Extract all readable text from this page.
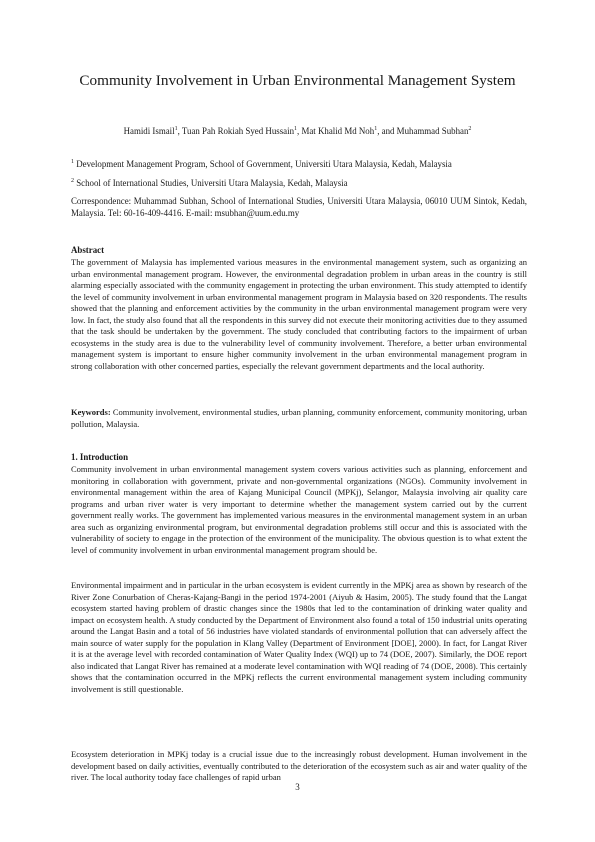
Community Involvement in Urban Environmental Management System
Hamidi Ismail$^1$, Tuan Pah Rokiah Syed Hussain$^1$, Mat Khalid Md Noh$^1$, and Muhammad Subhan$^2$
$^1$ Development Management Program, School of Government, Universiti Utara Malaysia, Kedah, Malaysia
$^2$ School of International Studies, Universiti Utara Malaysia, Kedah, Malaysia
Correspondence: Muhammad Subhan, School of International Studies, Universiti Utara Malaysia, 06010 UUM Sintok, Kedah, Malaysia. Tel: 60-16-409-4416. E-mail: msubhan@uum.edu.my
Abstract

The government of Malaysia has implemented various measures in the environmental management system, such as organizing an urban environmental management program. However, the environmental degradation problem in urban areas in the country is still alarming especially associated with the community engagement in protecting the urban environment. This study attempted to identify the level of community involvement in urban environmental management program in Malaysia based on 320 respondents. The results showed that the planning and enforcement activities by the community in the urban environmental management program were very low. In fact, the study also found that all the respondents in this survey did not execute their monitoring activities due to they assumed that the task should be undertaken by the government. The study concluded that contributing factors to the impairment of urban ecosystems in the study area is due to the vulnerability level of community involvement. Therefore, a better urban environmental management system is important to ensure higher community involvement in the urban environmental management program in strong collaboration with other concerned parties, especially the relevant government departments and the local authority.

Keywords: Community involvement, environmental studies, urban planning, community enforcement, community monitoring, urban pollution, Malaysia.
1. Introduction

Community involvement in urban environmental management system covers various activities such as planning, enforcement and monitoring in collaboration with government, private and non-governmental organizations (NGOs). Community involvement in environmental management within the area of Kajang Municipal Council (MPKj), Selangor, Malaysia involving air quality care programs and urban river water is very important to determine whether the management system carried out by the current government really works. The government has implemented various measures in the environmental management system in an urban area such as organizing environmental program, but environmental degradation problems still occur and this is associated with the vulnerability of society to engage in the protection of the environment of the municipality. The obvious question is to what extent the level of community involvement in urban environmental management program should be.

Environmental impairment and in particular in the urban ecosystem is evident currently in the MPKj area as shown by research of the River Zone Conurbation of Cheras-Kajang-Bangi in the period 1974-2001 (Aiyub & Hasim, 2005). The study found that the Langat ecosystem started having problem of drastic changes since the 1980s that led to the contamination of drinking water quality and impact on ecosystem health. A study conducted by the Department of Environment also found a total of 150 industrial units operating around the Langat Basin and a total of 56 industries have violated standards of environmental pollution that can adversely affect the main source of water supply for the population in Klang Valley (Department of Environment [DOE], 2000). In fact, for Langat River it is at the average level with recorded contamination of Water Quality Index (WQI) up to 74 (DOE, 2007). Similarly, the DOE report also indicated that Langat River has remained at a moderate level contamination with WQI reading of 74 (DOE, 2008). This certainly shows that the contamination occurred in the MPKj reflects the current environmental management system including community involvement is still questionable.

Ecosystem deterioration in MPKj today is a crucial issue due to the increasingly robust development. Human involvement in the development based on daily activities, eventually contributed to the deterioration of the ecosystem such as air and water quality of the river. The local authority today face challenges of rapid urban

3
